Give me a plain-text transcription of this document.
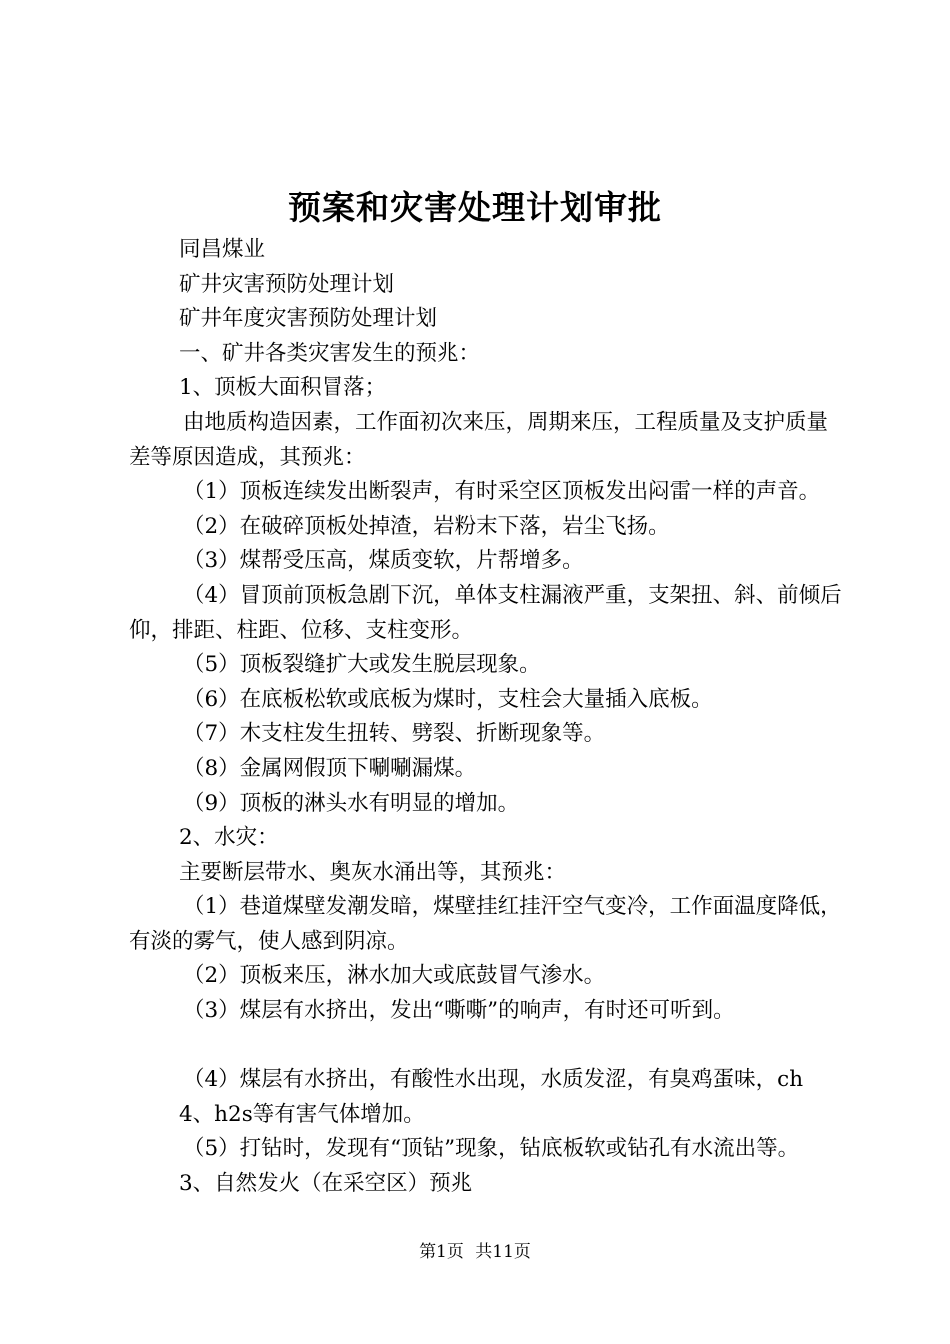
预案和灾害处理计划审批

同昌煤业

矿井灾害预防处理计划

矿井年度灾害预防处理计划

一、矿井各类灾害发生的预兆：

1、顶板大面积冒落；

由地质构造因素，工作面初次来压，周期来压，工程质量及支护质量差等原因造成，其预兆：

（1）顶板连续发出断裂声，有时采空区顶板发出闷雷一样的声音。

（2）在破碎顶板处掉渣，岩粉末下落，岩尘飞扬。

（3）煤帮受压高，煤质变软，片帮增多。

（4）冒顶前顶板急剧下沉，单体支柱漏液严重，支架扭、斜、前倾后仰，排距、柱距、位移、支柱变形。

（5）顶板裂缝扩大或发生脱层现象。

（6）在底板松软或底板为煤时，支柱会大量插入底板。

（7）木支柱发生扭转、劈裂、折断现象等。

（8）金属网假顶下唰唰漏煤。

（9）顶板的淋头水有明显的增加。

2、水灾：

主要断层带水、奥灰水涌出等，其预兆：

（1）巷道煤壁发潮发暗，煤壁挂红挂汗空气变冷，工作面温度降低，有淡的雾气，使人感到阴凉。

（2）顶板来压，淋水加大或底鼓冒气渗水。

（3）煤层有水挤出，发出“嘶嘶”的响声，有时还可听到。

（4）煤层有水挤出，有酸性水出现，水质发涩，有臭鸡蛋味，ch

4、h2s等有害气体增加。

（5）打钻时，发现有“顶钻”现象，钻底板软或钻孔有水流出等。

3、自然发火（在采空区）预兆

第1页 共11页
